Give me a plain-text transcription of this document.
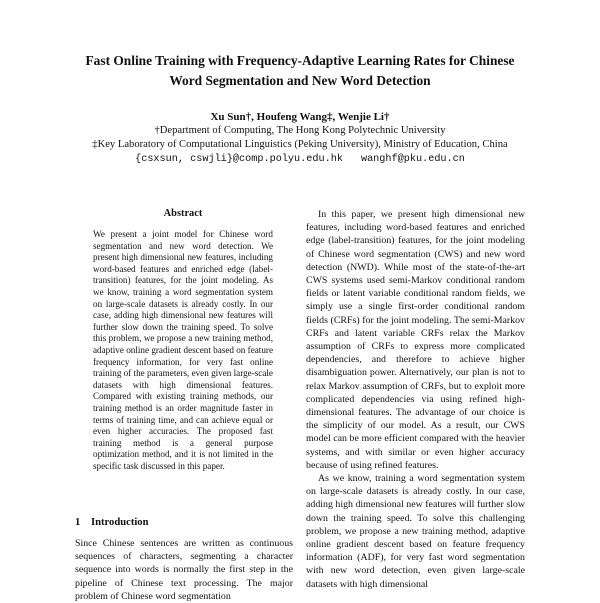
Fast Online Training with Frequency-Adaptive Learning Rates for Chinese
Word Segmentation and New Word Detection
Xu Sun†, Houfeng Wang‡, Wenjie Li†
†Department of Computing, The Hong Kong Polytechnic University
‡Key Laboratory of Computational Linguistics (Peking University), Ministry of Education, China
{csxsun, cswjli}@comp.polyu.edu.hk wanghf@pku.edu.cn
Abstract
We present a joint model for Chinese word segmentation and new word detection. We present high dimensional new features, including word-based features and enriched edge (label-transition) features, for the joint modeling. As we know, training a word segmentation system on large-scale datasets is already costly. In our case, adding high dimensional new features will further slow down the training speed. To solve this problem, we propose a new training method, adaptive online gradient descent based on feature frequency information, for very fast online training of the parameters, even given large-scale datasets with high dimensional features. Compared with existing training methods, our training method is an order magnitude faster in terms of training time, and can achieve equal or even higher accuracies. The proposed fast training method is a general purpose optimization method, and it is not limited in the specific task discussed in this paper.
1 Introduction

Since Chinese sentences are written as continuous sequences of characters, segmenting a character sequence into words is normally the first step in the pipeline of Chinese text processing. The major problem of Chinese word segmentation

In this paper, we present high dimensional new features, including word-based features and enriched edge (label-transition) features, for the joint modeling of Chinese word segmentation (CWS) and new word detection (NWD). While most of the state-of-the-art CWS systems used semi-Markov conditional random fields or latent variable conditional random fields, we simply use a single first-order conditional random fields (CRFs) for the joint modeling. The semi-Markov CRFs and latent variable CRFs relax the Markov assumption of CRFs to express more complicated dependencies, and therefore to achieve higher disambiguation power. Alternatively, our plan is not to relax Markov assumption of CRFs, but to exploit more complicated dependencies via using refined high-dimensional features. The advantage of our choice is the simplicity of our model. As a result, our CWS model can be more efficient compared with the heavier systems, and with similar or even higher accuracy because of using refined features.

As we know, training a word segmentation system on large-scale datasets is already costly. In our case, adding high dimensional new features will further slow down the training speed. To solve this challenging problem, we propose a new training method, adaptive online gradient descent based on feature frequency information (ADF), for very fast word segmentation with new word detection, even given large-scale datasets with high dimensional
